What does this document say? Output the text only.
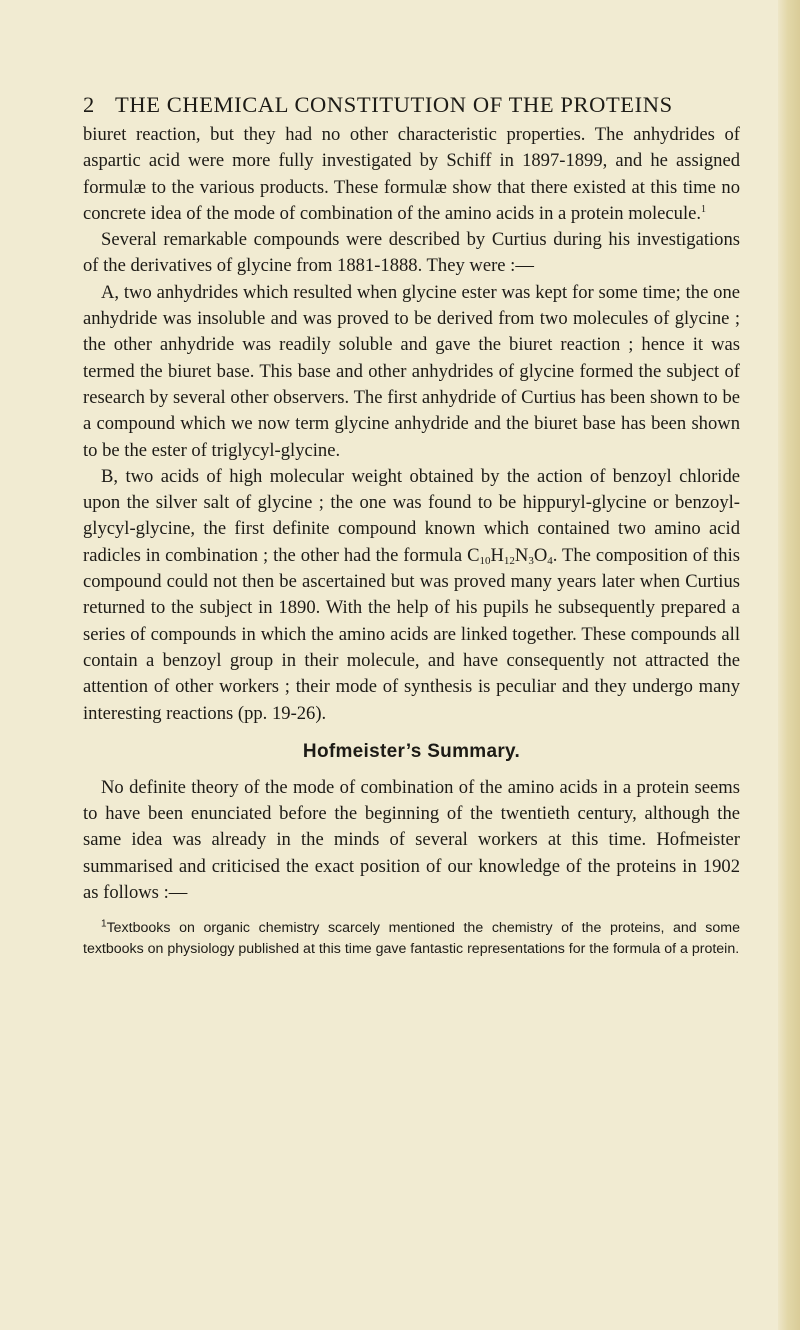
2 THE CHEMICAL CONSTITUTION OF THE PROTEINS

biuret reaction, but they had no other characteristic properties. The anhydrides of aspartic acid were more fully investigated by Schiff in 1897-1899, and he assigned formulæ to the various products. These formulæ show that there existed at this time no concrete idea of the mode of combination of the amino acids in a protein molecule.$^1$

Several remarkable compounds were described by Curtius during his investigations of the derivatives of glycine from 1881-1888. They were :—

A, two anhydrides which resulted when glycine ester was kept for some time; the one anhydride was insoluble and was proved to be derived from two molecules of glycine ; the other anhydride was readily soluble and gave the biuret reaction ; hence it was termed the biuret base. This base and other anhydrides of glycine formed the subject of research by several other observers. The first anhydride of Curtius has been shown to be a compound which we now term glycine anhydride and the biuret base has been shown to be the ester of triglycyl-glycine.

B, two acids of high molecular weight obtained by the action of benzoyl chloride upon the silver salt of glycine ; the one was found to be hippuryl-glycine or benzoyl-glycyl-glycine, the first definite compound known which contained two amino acid radicles in combination ; the other had the formula $C_{10}H_{12}N_3O_4$. The composition of this compound could not then be ascertained but was proved many years later when Curtius returned to the subject in 1890. With the help of his pupils he subsequently prepared a series of compounds in which the amino acids are linked together. These compounds all contain a benzoyl group in their molecule, and have consequently not attracted the attention of other workers ; their mode of synthesis is peculiar and they undergo many interesting reactions (pp. 19-26).

Hofmeister’s Summary.

No definite theory of the mode of combination of the amino acids in a protein seems to have been enunciated before the beginning of the twentieth century, although the same idea was already in the minds of several workers at this time. Hofmeister summarised and criticised the exact position of our knowledge of the proteins in 1902 as follows :—

$^1$Textbooks on organic chemistry scarcely mentioned the chemistry of the proteins, and some textbooks on physiology published at this time gave fantastic representations for the formula of a protein.
